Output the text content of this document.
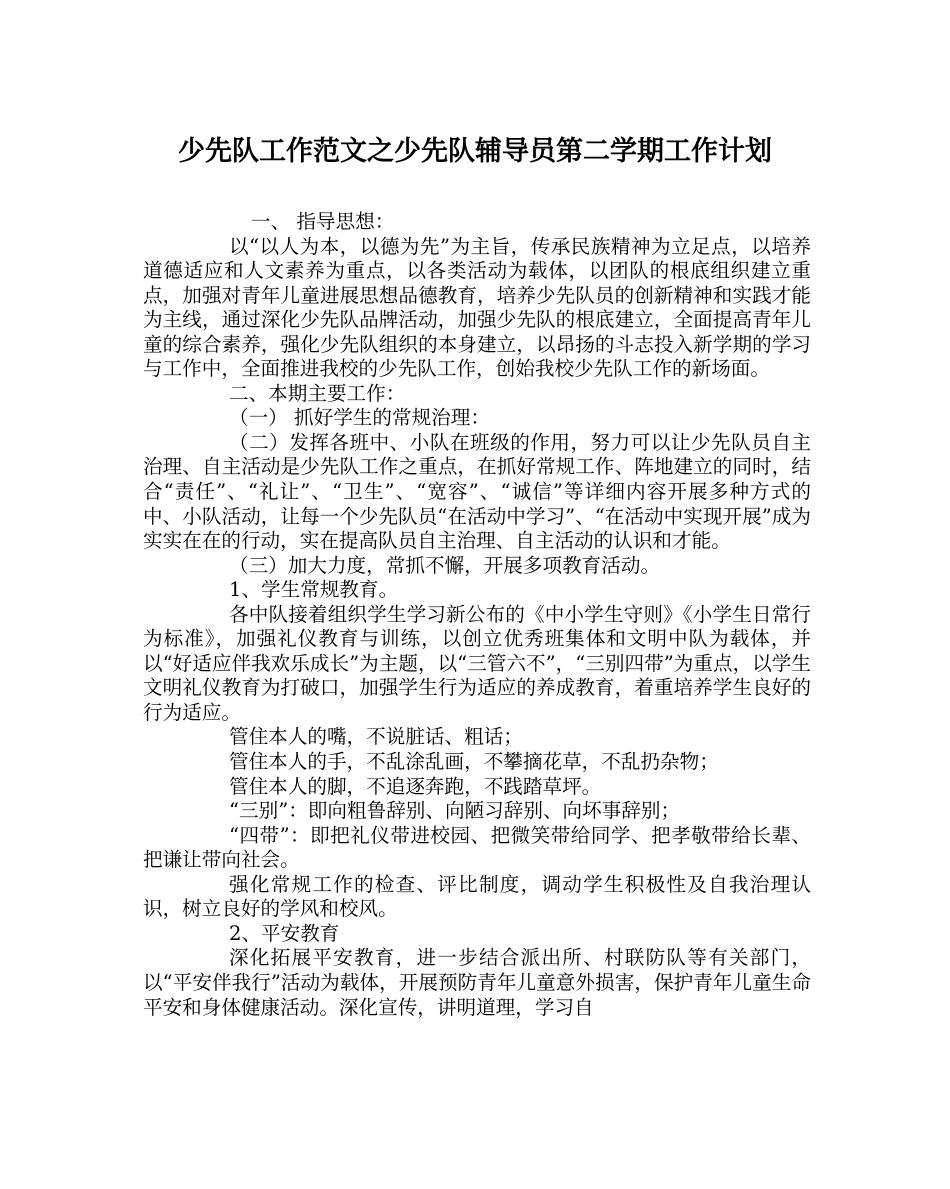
少先队工作范文之少先队辅导员第二学期工作计划

一、 指导思想：

以“以人为本，以德为先”为主旨，传承民族精神为立足点，以培养道德适应和人文素养为重点，以各类活动为载体，以团队的根底组织建立重点，加强对青年儿童进展思想品德教育，培养少先队员的创新精神和实践才能为主线，通过深化少先队品牌活动，加强少先队的根底建立，全面提高青年儿童的综合素养，强化少先队组织的本身建立，以昂扬的斗志投入新学期的学习与工作中，全面推进我校的少先队工作，创始我校少先队工作的新场面。

二、本期主要工作：

（一） 抓好学生的常规治理：

（二）发挥各班中、小队在班级的作用，努力可以让少先队员自主治理、自主活动是少先队工作之重点，在抓好常规工作、阵地建立的同时，结合“责任”、“礼让”、“卫生”、“宽容”、“诚信”等详细内容开展多种方式的中、小队活动，让每一个少先队员“在活动中学习”、“在活动中实现开展”成为实实在在的行动，实在提高队员自主治理、自主活动的认识和才能。

（三）加大力度，常抓不懈，开展多项教育活动。

1、学生常规教育。

各中队接着组织学生学习新公布的《中小学生守则》《小学生日常行为标准》，加强礼仪教育与训练，以创立优秀班集体和文明中队为载体，并以“好适应伴我欢乐成长”为主题，以“三管六不”，“三别四带”为重点，以学生文明礼仪教育为打破口，加强学生行为适应的养成教育，着重培养学生良好的行为适应。

管住本人的嘴，不说脏话、粗话；

管住本人的手，不乱涂乱画，不攀摘花草，不乱扔杂物；

管住本人的脚，不追逐奔跑，不践踏草坪。

“三别”：即向粗鲁辞别、向陋习辞别、向坏事辞别；

“四带”：即把礼仪带进校园、把微笑带给同学、把孝敬带给长辈、把谦让带向社会。

强化常规工作的检查、评比制度，调动学生积极性及自我治理认识，树立良好的学风和校风。

2、平安教育

深化拓展平安教育，进一步结合派出所、村联防队等有关部门，以“平安伴我行”活动为载体，开展预防青年儿童意外损害，保护青年儿童生命平安和身体健康活动。深化宣传，讲明道理，学习自
